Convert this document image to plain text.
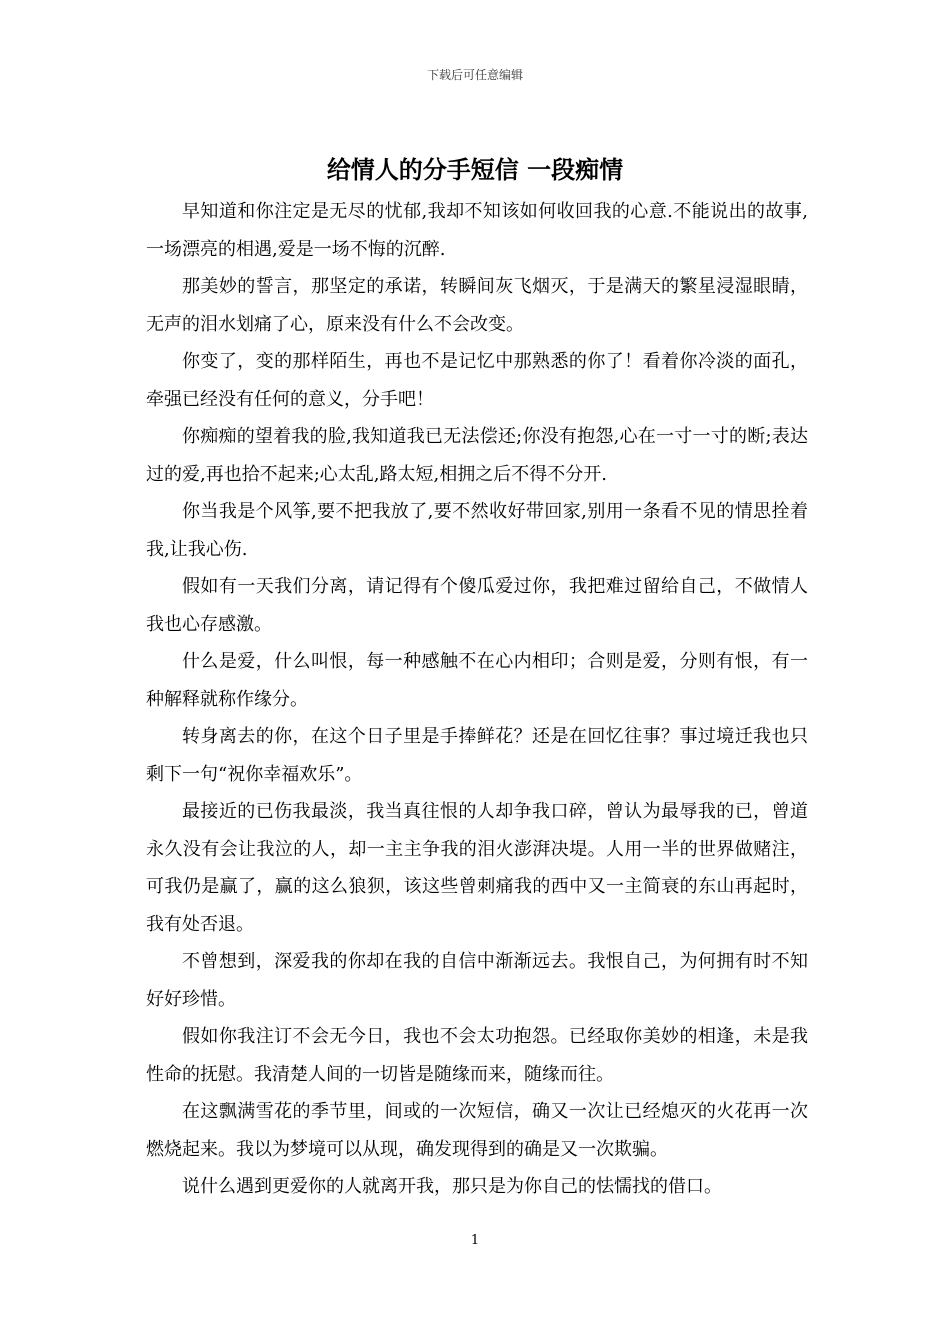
下载后可任意编辑
给情人的分手短信 一段痴情

早知道和你注定是无尽的忧郁,我却不知该如何收回我的心意.不能说出的故事,一场漂亮的相遇,爱是一场不悔的沉醉.

那美妙的誓言，那坚定的承诺，转瞬间灰飞烟灭，于是满天的繁星浸湿眼睛，无声的泪水划痛了心，原来没有什么不会改变。

你变了，变的那样陌生，再也不是记忆中那熟悉的你了！看着你冷淡的面孔，牵强已经没有任何的意义，分手吧！

你痴痴的望着我的脸,我知道我已无法偿还;你没有抱怨,心在一寸一寸的断;表达过的爱,再也拾不起来;心太乱,路太短,相拥之后不得不分开.

你当我是个风筝,要不把我放了,要不然收好带回家,别用一条看不见的情思拴着我,让我心伤.

假如有一天我们分离，请记得有个傻瓜爱过你，我把难过留给自己，不做情人我也心存感激。

什么是爱，什么叫恨，每一种感触不在心内相印；合则是爱，分则有恨，有一种解释就称作缘分。

转身离去的你，在这个日子里是手捧鲜花？还是在回忆往事？事过境迁我也只剩下一句“祝你幸福欢乐”。

最接近的已伤我最淡，我当真往恨的人却争我口碎，曾认为最辱我的已，曾道永久没有会让我泣的人，却一主主争我的泪火澎湃决堤。人用一半的世界做赌注，可我仍是赢了，赢的这么狼狈，该这些曾刺痛我的西中又一主简衰的东山再起时，我有处否退。

不曾想到，深爱我的你却在我的自信中渐渐远去。我恨自己，为何拥有时不知好好珍惜。

假如你我注订不会无今日，我也不会太功抱怨。已经取你美妙的相逢，未是我性命的抚慰。我清楚人间的一切皆是随缘而来，随缘而往。

在这飘满雪花的季节里，间或的一次短信，确又一次让已经熄灭的火花再一次燃烧起来。我以为梦境可以从现，确发现得到的确是又一次欺骗。

说什么遇到更爱你的人就离开我，那只是为你自己的怯懦找的借口。

1
